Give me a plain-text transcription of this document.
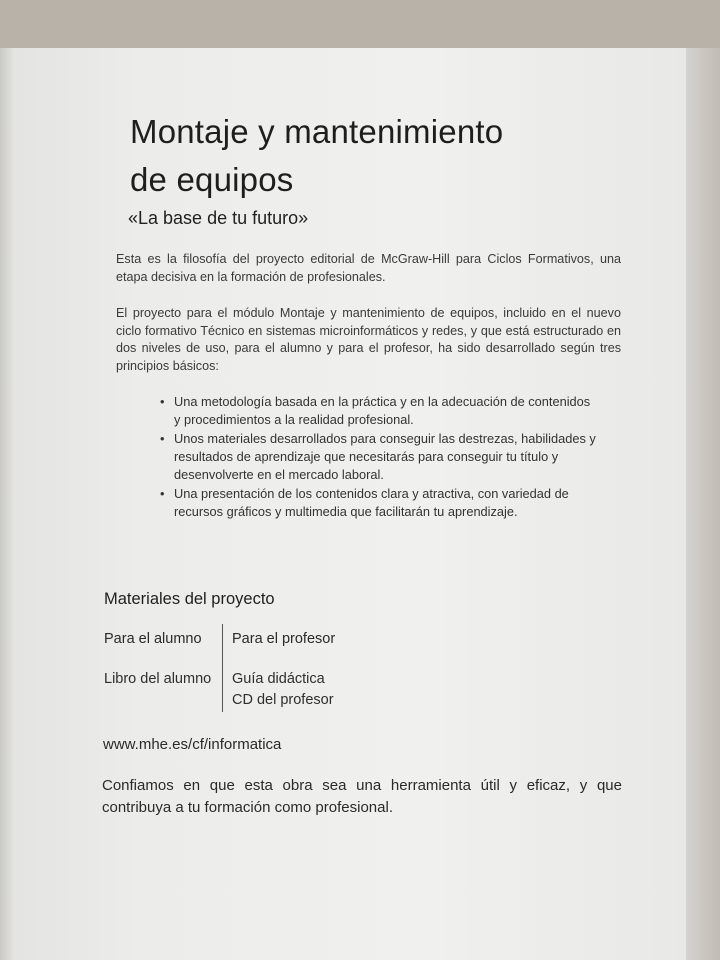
Montaje y mantenimiento
de equipos
«La base de tu futuro»
Esta es la filosofía del proyecto editorial de McGraw-Hill para Ciclos Formativos, una etapa decisiva en la formación de profesionales.
El proyecto para el módulo Montaje y mantenimiento de equipos, incluido en el nuevo ciclo formativo Técnico en sistemas microinformáticos y redes, y que está estructurado en dos niveles de uso, para el alumno y para el profesor, ha sido desarrollado según tres principios básicos:
• Una metodología basada en la práctica y en la adecuación de contenidos y procedimientos a la realidad profesional.
• Unos materiales desarrollados para conseguir las destrezas, habilidades y resultados de aprendizaje que necesitarás para conseguir tu título y desenvolverte en el mercado laboral.
• Una presentación de los contenidos clara y atractiva, con variedad de recursos gráficos y multimedia que facilitarán tu aprendizaje.
Materiales del proyecto
Para el alumno Para el profesor
Libro del alumno Guía didáctica
CD del profesor
www.mhe.es/cf/informatica
Confiamos en que esta obra sea una herramienta útil y eficaz, y que contribuya a tu formación como profesional.
